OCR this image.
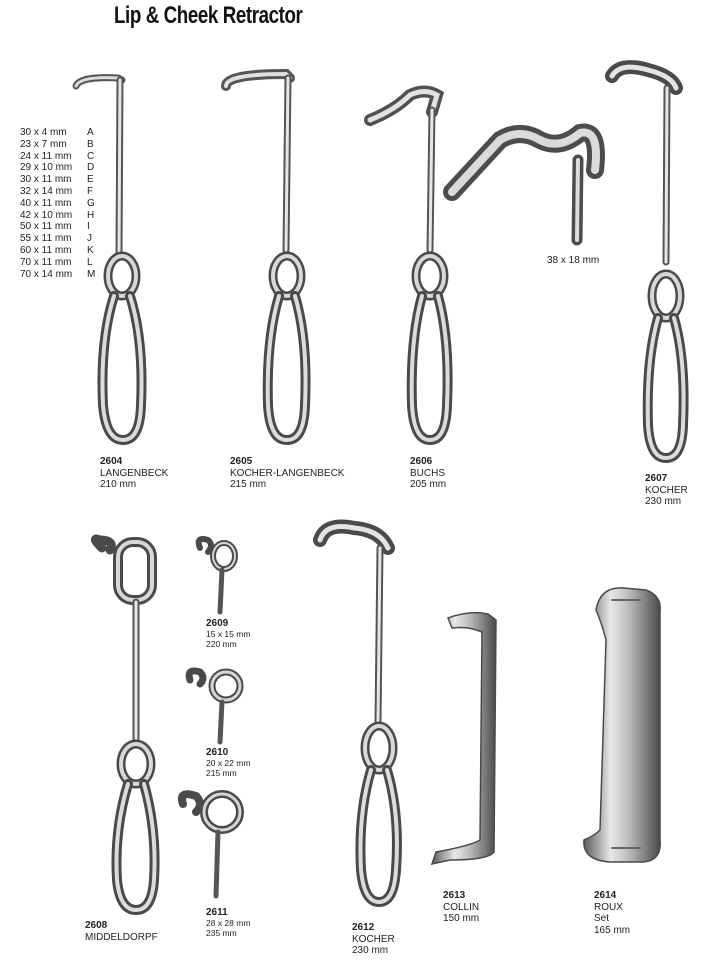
Lip & Cheek Retractor
30 x 4 mm	A
23 x 7 mm	B
24 x 11 mm	C
29 x 10 mm	D
30 x 11 mm	E
32 x 14 mm	F
40 x 11 mm	G
42 x 10 mm	H
50 x 11 mm	I
55 x 11 mm	J
60 x 11 mm	K
70 x 11 mm	L
70 x 14 mm	M
38 x 18 mm
2604
LANGENBECK
210 mm
2605
KOCHER-LANGENBECK
215 mm
2606
BUCHS
205 mm
2607
KOCHER
230 mm
2608
MIDDELDORPF
2609
15 x 15 mm
220 mm
2610
20 x 22 mm
215 mm
2611
28 x 28 mm
235 mm	2612
KOCHER
230 mm
2613
COLLIN
150 mm
2614
ROUX
Set
165 mm
